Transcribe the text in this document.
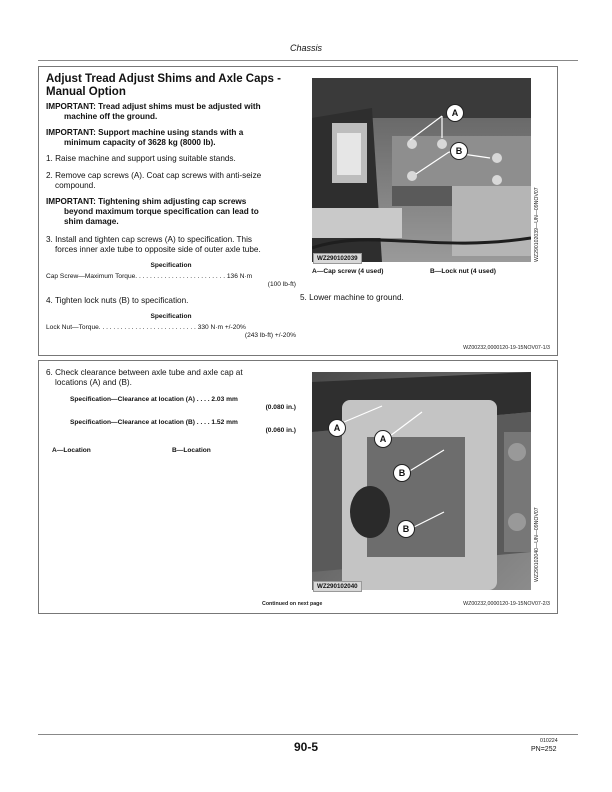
Chassis
Adjust Tread Adjust Shims and Axle Caps -
Manual Option
IMPORTANT: Tread adjust shims must be adjusted with
machine off the ground.
IMPORTANT: Support machine using stands with a
minimum capacity of 3628 kg (8000 lb).
1. Raise machine and support using suitable stands.
2. Remove cap screws (A). Coat cap screws with anti-seize
compound.
IMPORTANT: Tightening shim adjusting cap screws
beyond maximum torque specification can lead to
shim damage.
3. Install and tighten cap screws (A) to specification. This
forces inner axle tube to opposite side of outer axle tube.
Specification
Cap Screw—Maximum Torque. . . . . . . . . . . . . . . . . . . . . . . . . 136 N·m
(100 lb-ft)
4. Tighten lock nuts (B) to specification.
Specification
Lock Nut—Torque. . . . . . . . . . . . . . . . . . . . . . . . . . . 330 N·m +/-20%
(243 lb-ft) +/-20%
A
B
WZ290102039	WZ290102039—UN—09NOV07
A—Cap screw (4 used)	B—Lock nut (4 used)
5. Lower machine to ground.
WZ00232,0000120-19-15NOV07-1/3
6. Check clearance between axle tube and axle cap at
locations (A) and (B).
Specification—Clearance at location (A) . . . . 2.03 mm
(0.080 in.)
Specification—Clearance at location (B) . . . . 1.52 mm
(0.060 in.)
A—Location	B—Location
A
A
B
B
WZ290102040
WZ290102040—UN—09NOV07
Continued on next page	WZ00232,0000120-19-15NOV07-2/3
90-5	010224
PN=252
